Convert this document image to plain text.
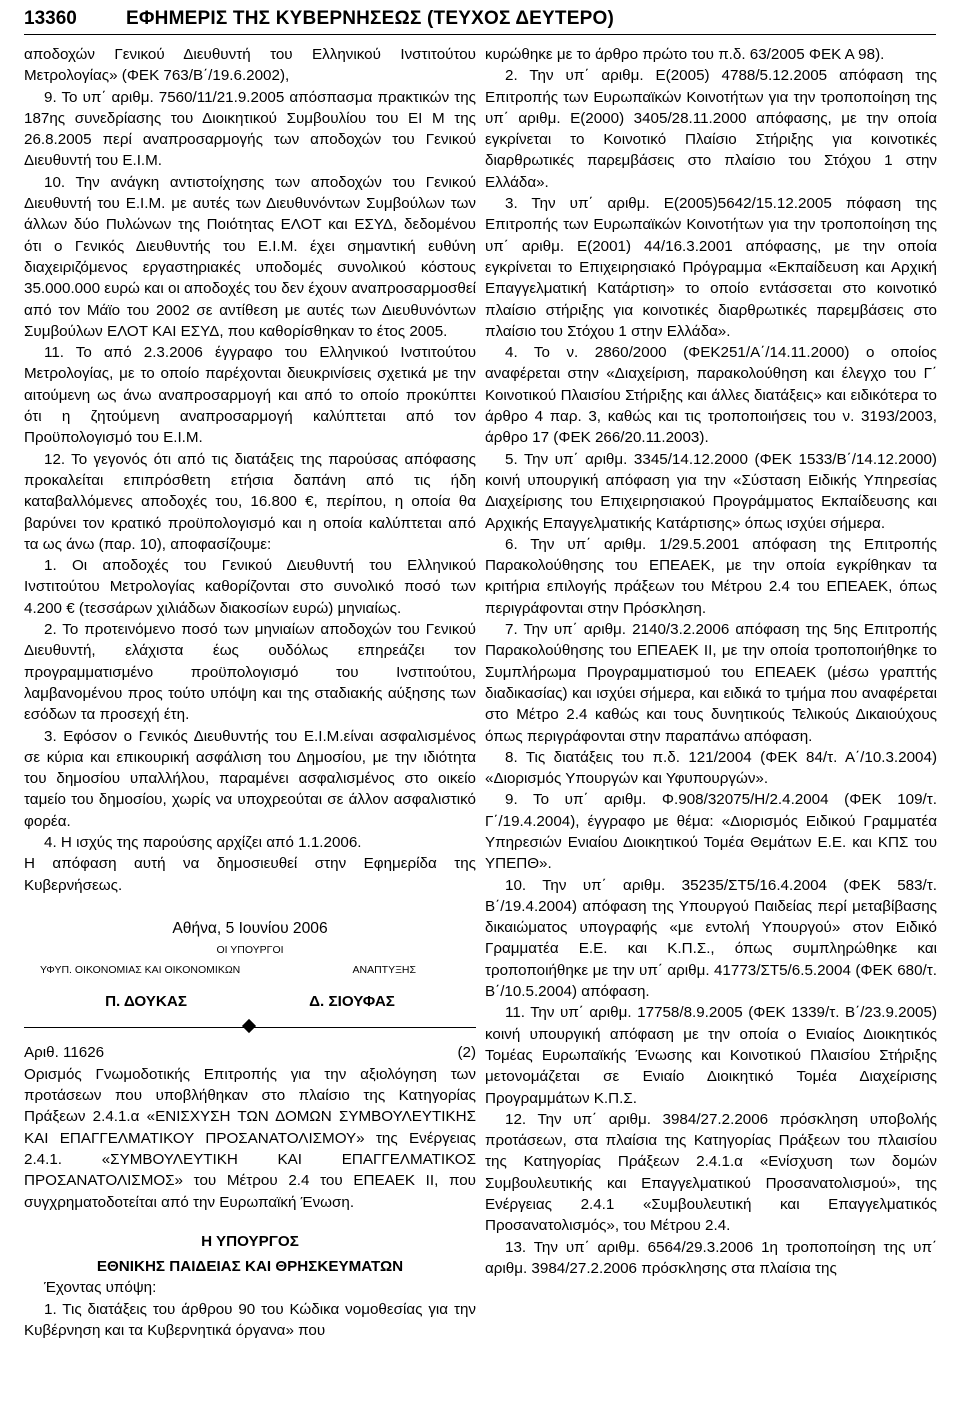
13360	ΕΦΗΜΕΡΙΣ ΤΗΣ ΚΥΒΕΡΝΗΣΕΩΣ (ΤΕΥΧΟΣ ΔΕΥΤΕΡΟ)

αποδοχών Γενικού Διευθυντή του Ελληνικού Ινστιτούτου Μετρολογίας» (ΦΕΚ 763/Β΄/19.6.2002),

9. Το υπ΄ αριθμ. 7560/11/21.9.2005 απόσπασμα πρακτικών της 187ης συνεδρίασης του Διοικητικού Συμβουλίου του ΕΙ Μ της 26.8.2005 περί αναπροσαρμογής των αποδοχών του Γενικού Διευθυντή του Ε.Ι.Μ.

10. Την ανάγκη αντιστοίχησης των αποδοχών του Γενικού Διευθυντή του Ε.Ι.Μ. με αυτές των Διευθυνόντων Συμβούλων των άλλων δύο Πυλώνων της Ποιότητας ΕΛΟΤ και ΕΣΥΔ, δεδομένου ότι ο Γενικός Διευθυντής του Ε.Ι.Μ. έχει σημαντική ευθύνη διαχειριζόμενος εργαστηριακές υποδομές συνολικού κόστους 35.000.000 ευρώ και οι αποδοχές του δεν έχουν αναπροσαρμοσθεί από τον Μάϊο του 2002 σε αντίθεση με αυτές των Διευθυνόντων Συμβούλων ΕΛΟΤ ΚΑΙ ΕΣΥΔ, που καθορίσθηκαν το έτος 2005.

11. Το από 2.3.2006 έγγραφο του Ελληνικού Ινστιτούτου Μετρολογίας, με το οποίο παρέχονται διευκρινίσεις σχετικά με την αιτούμενη ως άνω αναπροσαρμογή και από το οποίο προκύπτει ότι η ζητούμενη αναπροσαρμογή καλύπτεται από τον Προϋπολογισμό του Ε.Ι.Μ.

12. Το γεγονός ότι από τις διατάξεις της παρούσας απόφασης προκαλείται επιπρόσθετη ετήσια δαπάνη από τις ήδη καταβαλλόμενες αποδοχές του, 16.800 €, περίπου, η οποία θα βαρύνει τον κρατικό προϋπολογισμό και η οποία καλύπτεται από τα ως άνω (παρ. 10), αποφασίζουμε:

1. Οι αποδοχές του Γενικού Διευθυντή του Ελληνικού Ινστιτούτου Μετρολογίας καθορίζονται στο συνολικό ποσό των 4.200 € (τεσσάρων χιλιάδων διακοσίων ευρώ) μηνιαίως.

2. Το προτεινόμενο ποσό των μηνιαίων αποδοχών του Γενικού Διευθυντή, ελάχιστα έως ουδόλως επηρεάζει τον προγραμματισμένο προϋπολογισμό του Ινστιτούτου, λαμβανομένου προς τούτο υπόψη και της σταδιακής αύξησης των εσόδων τα προσεχή έτη.

3. Εφόσον ο Γενικός Διευθυντής του Ε.Ι.Μ.είναι ασφαλισμένος σε κύρια και επικουρική ασφάλιση του Δημοσίου, με την ιδιότητα του δημοσίου υπαλλήλου, παραμένει ασφαλισμένος στο οικείο ταμείο του δημοσίου, χωρίς να υποχρεούται σε άλλον ασφαλιστικό φορέα.

4. Η ισχύς της παρούσης αρχίζει από 1.1.2006.

Η απόφαση αυτή να δημοσιευθεί στην Εφημερίδα της Κυβερνήσεως.

Αθήνα, 5 Ιουνίου 2006
ΟΙ ΥΠΟΥΡΓΟΙ
ΥΦΥΠ. ΟΙΚΟΝΟΜΙΑΣ ΚΑΙ ΟΙΚΟΝΟΜΙΚΩΝ	ΑΝΑΠΤΥΞΗΣ
Π. ΔΟΥΚΑΣ	Δ. ΣΙΟΥΦΑΣ
Αριθ. 11626	(2)

Ορισμός Γνωμοδοτικής Επιτροπής για την αξιολόγηση των προτάσεων που υποβλήθηκαν στο πλαίσιο της Κατηγορίας Πράξεων 2.4.1.α «ΕΝΙΣΧΥΣΗ ΤΩΝ ΔΟΜΩΝ ΣΥΜΒΟΥΛΕΥΤΙΚΗΣ ΚΑΙ ΕΠΑΓΓΕΛΜΑΤΙΚΟΥ ΠΡΟΣΑΝΑΤΟΛΙΣΜΟΥ» της Ενέργειας 2.4.1. «ΣΥΜΒΟΥΛΕΥΤΙΚΗ ΚΑΙ ΕΠΑΓΓΕΛΜΑΤΙΚΟΣ ΠΡΟΣΑΝΑΤΟΛΙΣΜΟΣ» του Μέτρου 2.4 του ΕΠΕΑΕΚ ΙΙ, που συγχρηματοδοτείται από την Ευρωπαϊκή Ένωση.

Η ΥΠΟΥΡΓΟΣ
ΕΘΝΙΚΗΣ ΠΑΙΔΕΙΑΣ ΚΑΙ ΘΡΗΣΚΕΥΜΑΤΩΝ

Έχοντας υπόψη:

1. Τις διατάξεις του άρθρου 90 του Κώδικα νομοθεσίας για την Κυβέρνηση και τα Κυβερνητικά όργανα» που

κυρώθηκε με το άρθρο πρώτο του π.δ. 63/2005 ΦΕΚ Α 98).

2. Την υπ΄ αριθμ. Ε(2005) 4788/5.12.2005 απόφαση της Επιτροπής των Ευρωπαϊκών Κοινοτήτων για την τροποποίηση της υπ΄ αριθμ. Ε(2000) 3405/28.11.2000 απόφασης, με την οποία εγκρίνεται το Κοινοτικό Πλαίσιο Στήριξης για κοινοτικές διαρθρωτικές παρεμβάσεις στο πλαίσιο του Στόχου 1 στην Ελλάδα».

3. Την υπ΄ αριθμ. Ε(2005)5642/15.12.2005 πόφαση της Επιτροπής των Ευρωπαϊκών Κοινοτήτων για την τροποποίηση της υπ΄ αριθμ. Ε(2001) 44/16.3.2001 απόφασης, με την οποία εγκρίνεται το Επιχειρησιακό Πρόγραμμα «Εκπαίδευση και Αρχική Επαγγελματική Κατάρτιση» το οποίο εντάσσεται στο κοινοτικό πλαίσιο στήριξης για κοινοτικές διαρθρωτικές παρεμβάσεις στο πλαίσιο του Στόχου 1 στην Ελλάδα».

4. Το ν. 2860/2000 (ΦΕΚ251/Α΄/14.11.2000) ο οποίος αναφέρεται στην «Διαχείριση, παρακολούθηση και έλεγχο του Γ΄ Κοινοτικού Πλαισίου Στήριξης και άλλες διατάξεις» και ειδικότερα το άρθρο 4 παρ. 3, καθώς και τις τροποποιήσεις του ν. 3193/2003, άρθρο 17 (ΦΕΚ 266/20.11.2003).

5. Την υπ΄ αριθμ. 3345/14.12.2000 (ΦΕΚ 1533/Β΄/14.12.2000) κοινή υπουργική απόφαση για την «Σύσταση Ειδικής Υπηρεσίας Διαχείρισης του Επιχειρησιακού Προγράμματος Εκπαίδευσης και Αρχικής Επαγγελματικής Κατάρτισης» όπως ισχύει σήμερα.

6. Την υπ΄ αριθμ. 1/29.5.2001 απόφαση της Επιτροπής Παρακολούθησης του ΕΠΕΑΕΚ, με την οποία εγκρίθηκαν τα κριτήρια επιλογής πράξεων του Μέτρου 2.4 του ΕΠΕΑΕΚ, όπως περιγράφονται στην Πρόσκληση.

7. Την υπ΄ αριθμ. 2140/3.2.2006 απόφαση της 5ης Επιτροπής Παρακολούθησης του ΕΠΕΑΕΚ ΙΙ, με την οποία τροποποιήθηκε το Συμπλήρωμα Προγραμματισμού του ΕΠΕΑΕΚ (μέσω γραπτής διαδικασίας) και ισχύει σήμερα, και ειδικά το τμήμα που αναφέρεται στο Μέτρο 2.4 καθώς και τους δυνητικούς Τελικούς Δικαιούχους όπως περιγράφονται στην παραπάνω απόφαση.

8. Τις διατάξεις του π.δ. 121/2004 (ΦΕΚ 84/τ. Α΄/10.3.2004) «Διορισμός Υπουργών και Υφυπουργών».

9. Το υπ΄ αριθμ. Φ.908/32075/Η/2.4.2004 (ΦΕΚ 109/τ. Γ΄/19.4.2004), έγγραφο με θέμα: «Διορισμός Ειδικού Γραμματέα Υπηρεσιών Ενιαίου Διοικητικού Τομέα Θεμάτων Ε.Ε. και ΚΠΣ του ΥΠΕΠΘ».

10. Την υπ΄ αριθμ. 35235/ΣΤ5/16.4.2004 (ΦΕΚ 583/τ. Β΄/19.4.2004) απόφαση της Υπουργού Παιδείας περί μεταβίβασης δικαιώματος υπογραφής «με εντολή Υπουργού» στον Ειδικό Γραμματέα Ε.Ε. και Κ.Π.Σ., όπως συμπληρώθηκε και τροποποιήθηκε με την υπ΄ αριθμ. 41773/ΣΤ5/6.5.2004 (ΦΕΚ 680/τ. Β΄/10.5.2004) απόφαση.

11. Την υπ΄ αριθμ. 17758/8.9.2005 (ΦΕΚ 1339/τ. Β΄/23.9.2005) κοινή υπουργική απόφαση με την οποία ο Ενιαίος Διοικητικός Τομέας Ευρωπαϊκής Ένωσης και Κοινοτικού Πλαισίου Στήριξης μετονομάζεται σε Ενιαίο Διοικητικό Τομέα Διαχείρισης Προγραμμάτων Κ.Π.Σ.

12. Την υπ΄ αριθμ. 3984/27.2.2006 πρόσκληση υποβολής προτάσεων, στα πλαίσια της Κατηγορίας Πράξεων του πλαισίου της Κατηγορίας Πράξεων 2.4.1.α «Ενίσχυση των δομών Συμβουλευτικής και Επαγγελματικού Προσανατολισμού», της Ενέργειας 2.4.1 «Συμβουλευτική και Επαγγελματικός Προσανατολισμός», του Μέτρου 2.4.

13. Την υπ΄ αριθμ. 6564/29.3.2006 1η τροποποίηση της υπ΄ αριθμ. 3984/27.2.2006 πρόσκλησης στα πλαίσια της
